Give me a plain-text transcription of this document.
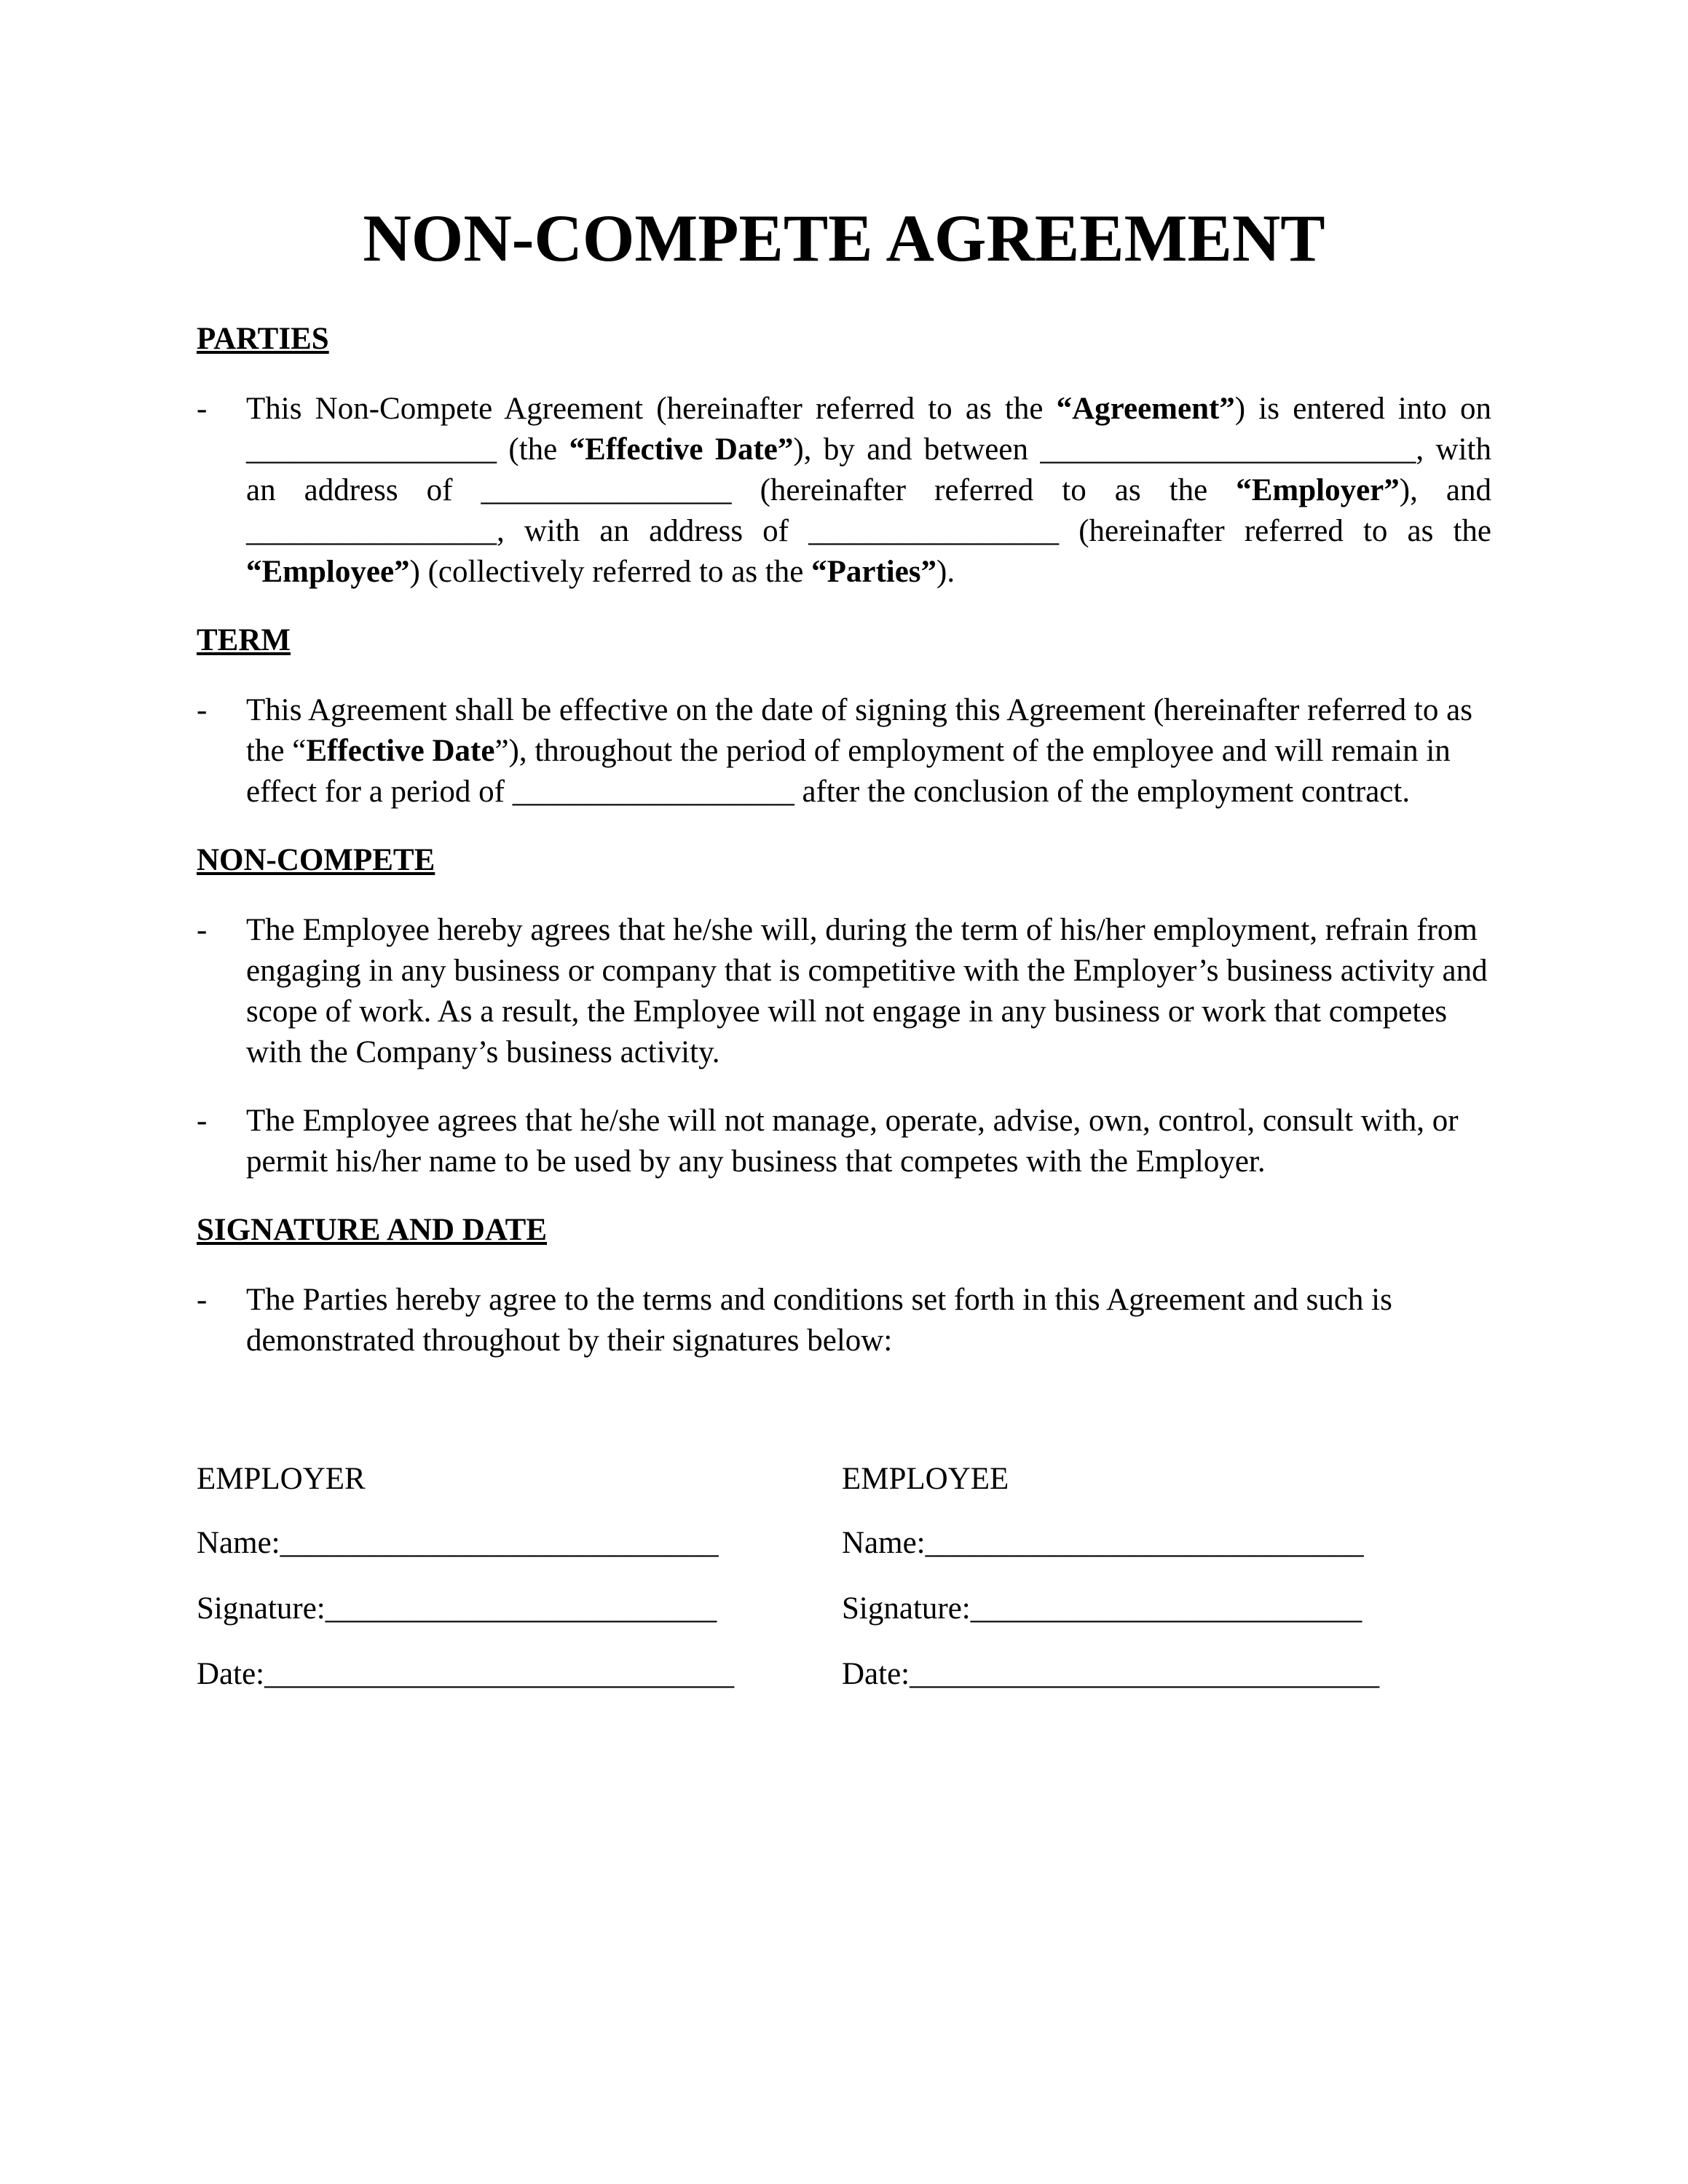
NON-COMPETE AGREEMENT
PARTIES
- This Non-Compete Agreement (hereinafter referred to as the “Agreement”) is entered into on ________________ (the “Effective Date”), by and between ________________________, with an address of ________________ (hereinafter referred to as the “Employer”), and ________________, with an address of ________________ (hereinafter referred to as the “Employee”) (collectively referred to as the “Parties”).
TERM
- This Agreement shall be effective on the date of signing this Agreement (hereinafter referred to as the “Effective Date”), throughout the period of employment of the employee and will remain in effect for a period of __________________ after the conclusion of the employment contract.
NON-COMPETE
- The Employee hereby agrees that he/she will, during the term of his/her employment, refrain from engaging in any business or company that is competitive with the Employer’s business activity and scope of work. As a result, the Employee will not engage in any business or work that competes with the Company’s business activity.
- The Employee agrees that he/she will not manage, operate, advise, own, control, consult with, or permit his/her name to be used by any business that competes with the Employer.
SIGNATURE AND DATE
- The Parties hereby agree to the terms and conditions set forth in this Agreement and such is demonstrated throughout by their signatures below:
EMPLOYER
Name:____________________________
Signature:_________________________
Date:______________________________
EMPLOYEE
Name:____________________________
Signature:_________________________
Date:______________________________
